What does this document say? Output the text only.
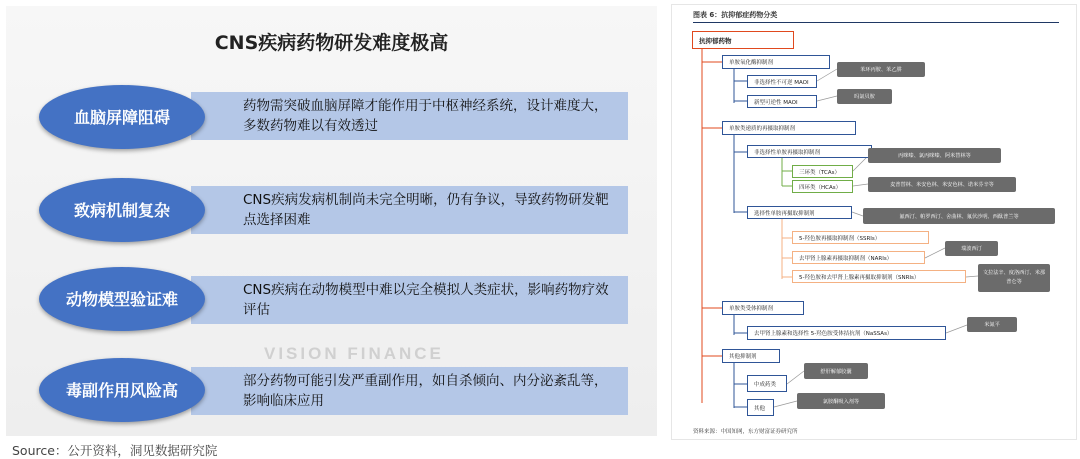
CNS疾病药物研发难度极高
药物需突破血脑屏障才能作用于中枢神经系统，设计难度大，多数药物难以有效透过
血脑屏障阻碍
CNS疾病发病机制尚未完全明晰，仍有争议，导致药物研发靶点选择困难
致病机制复杂
CNS疾病在动物模型中难以完全模拟人类症状，影响药物疗效评估
动物模型验证难
部分药物可能引发严重副作用，如自杀倾向、内分泌紊乱等，影响临床应用
毒副作用风险高
VISION FINANCE
Source：公开资料，洞见数据研究院
图表 6：抗抑郁症药物分类
抗抑郁药物
单胺氧化酶抑制剂
非选择性不可逆 MAOI
苯环丙胺、苯乙肼
新型可逆性 MAOI
吗氯贝胺
单胺类递质的再摄取抑制剂
非选择性单胺再摄取抑制剂
丙咪嗪、氯丙咪嗪、阿米替林等
三环类（TCAs）
四环类（HCAs）	麦普替林、米安色林、米安色林、诺米芬辛等
选择性单胺再摄取抑制剂	氟西汀、帕罗西汀、舍曲林、氟伏沙明、西酞普兰等
5-羟色胺再摄取抑制剂（SSRIs）
去甲肾上腺素再摄取抑制剂（NARIs）
瑞波西汀
5-羟色胺和去甲肾上腺素再摄取抑制剂（SNRIs）
文拉法辛、度洛西汀、米那普仑等
单胺类受体抑制剂
去甲肾上腺素和选择性 5-羟色胺受体拮抗剂（NaSSAs）
米氮平
其他抑制剂
中成药类
舒肝解郁胶囊
其他
氯胺酮吸入剂等
资料来源：中国知网，东方财富证券研究所
